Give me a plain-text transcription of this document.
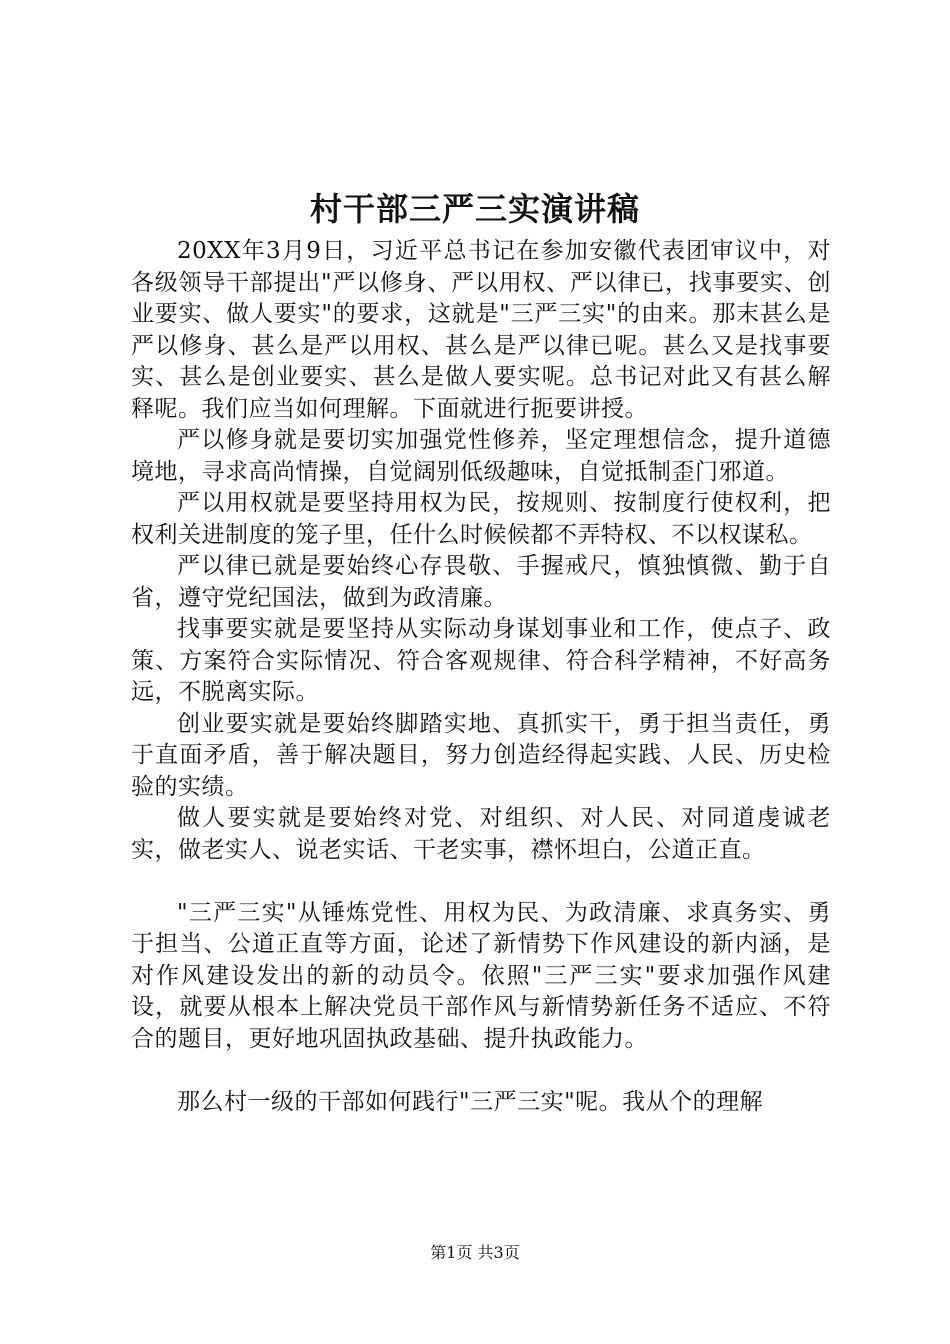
村干部三严三实演讲稿

20XX年3月9日，习近平总书记在参加安徽代表团审议中，对各级领导干部提出"严以修身、严以用权、严以律已，找事要实、创业要实、做人要实"的要求，这就是"三严三实"的由来。那末甚么是严以修身、甚么是严以用权、甚么是严以律已呢。甚么又是找事要实、甚么是创业要实、甚么是做人要实呢。总书记对此又有甚么解释呢。我们应当如何理解。下面就进行扼要讲授。

严以修身就是要切实加强党性修养，坚定理想信念，提升道德境地，寻求高尚情操，自觉阔别低级趣味，自觉抵制歪门邪道。

严以用权就是要坚持用权为民，按规则、按制度行使权利，把权利关进制度的笼子里，任什么时候候都不弄特权、不以权谋私。

严以律已就是要始终心存畏敬、手握戒尺，慎独慎微、勤于自省，遵守党纪国法，做到为政清廉。

找事要实就是要坚持从实际动身谋划事业和工作，使点子、政策、方案符合实际情况、符合客观规律、符合科学精神，不好高务远，不脱离实际。

创业要实就是要始终脚踏实地、真抓实干，勇于担当责任，勇于直面矛盾，善于解决题目，努力创造经得起实践、人民、历史检验的实绩。

做人要实就是要始终对党、对组织、对人民、对同道虔诚老实，做老实人、说老实话、干老实事，襟怀坦白，公道正直。

"三严三实"从锤炼党性、用权为民、为政清廉、求真务实、勇于担当、公道正直等方面，论述了新情势下作风建设的新内涵，是对作风建设发出的新的动员令。依照"三严三实"要求加强作风建设，就要从根本上解决党员干部作风与新情势新任务不适应、不符合的题目，更好地巩固执政基础、提升执政能力。

那么村一级的干部如何践行"三严三实"呢。我从个的理解

第1页 共3页
